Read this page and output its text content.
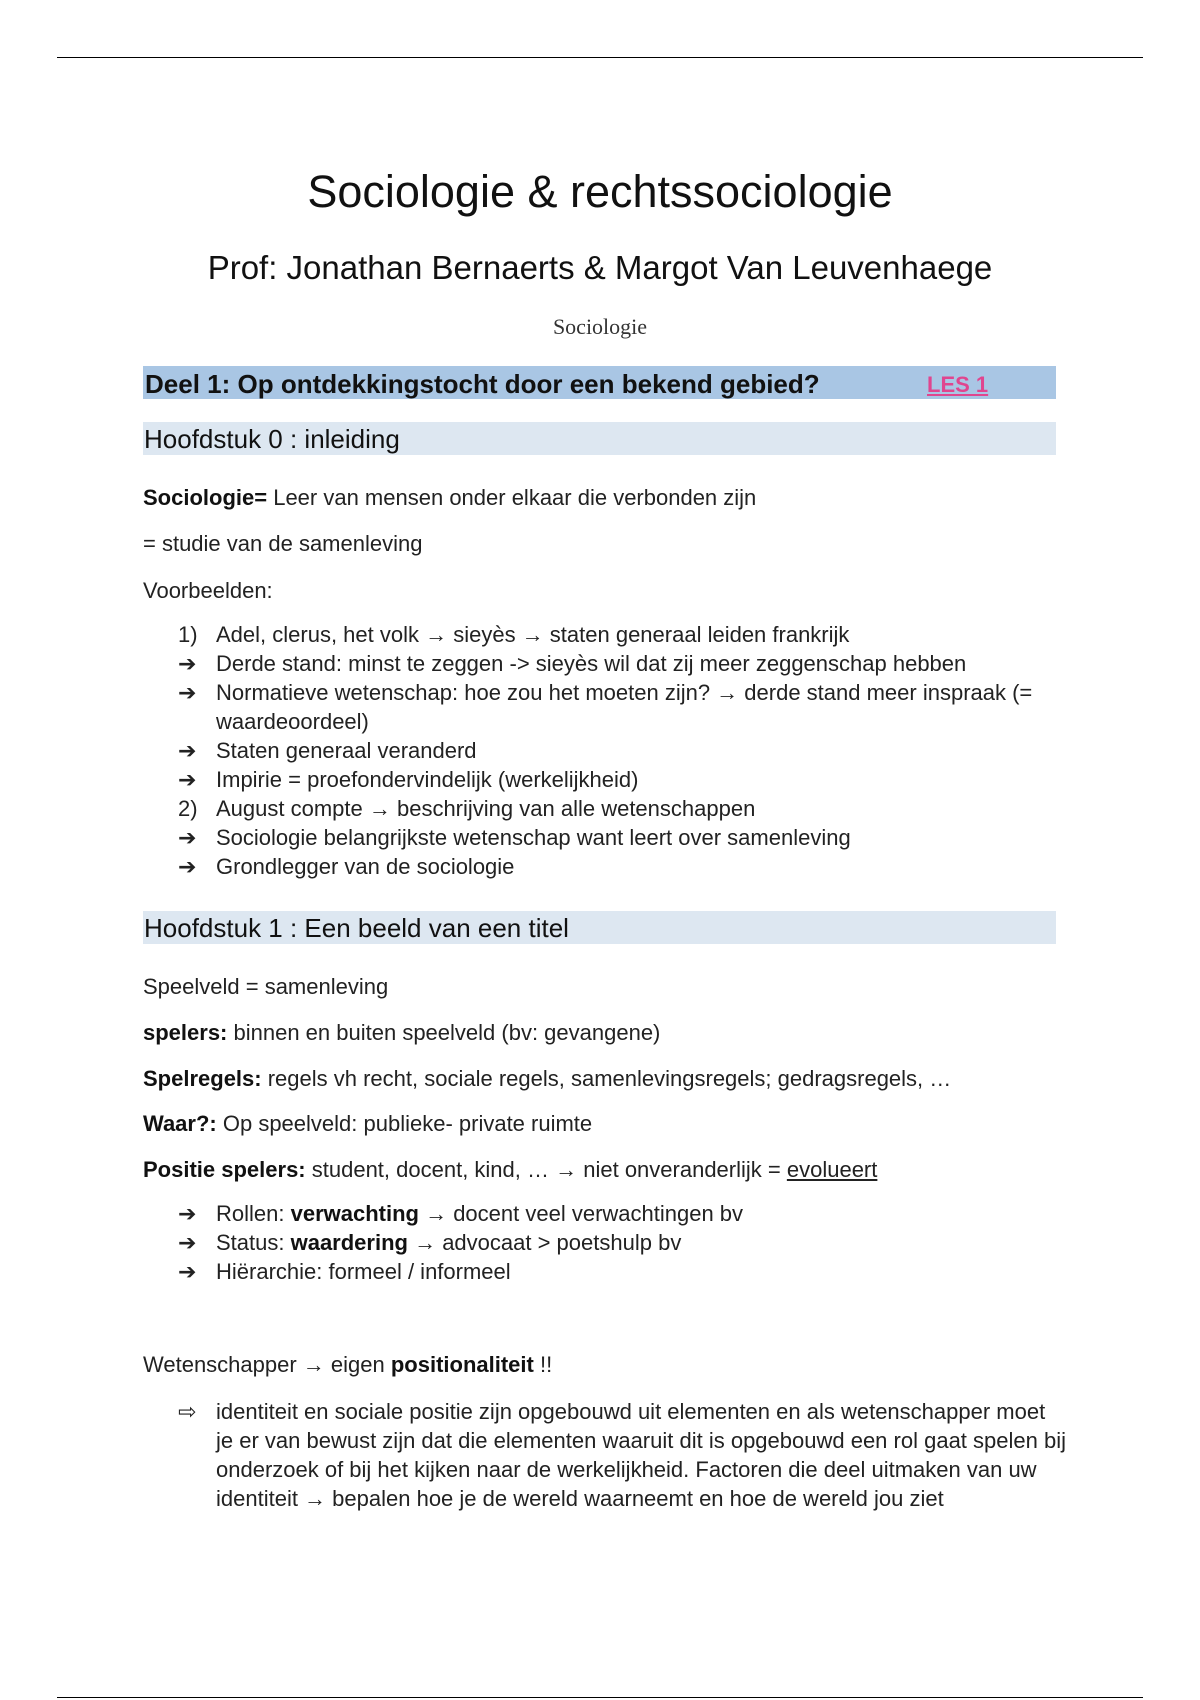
Sociologie & rechtssociologie
Prof: Jonathan Bernaerts & Margot Van Leuvenhaege
Sociologie
Deel 1: Op ontdekkingstocht door een bekend gebied?	LES 1
Hoofdstuk 0 : inleiding
Sociologie= Leer van mensen onder elkaar die verbonden zijn
= studie van de samenleving
Voorbeelden:
1) Adel, clerus, het volk → sieyès → staten generaal leiden frankrijk
➔ Derde stand: minst te zeggen -> sieyès wil dat zij meer zeggenschap hebben
➔ Normatieve wetenschap: hoe zou het moeten zijn? → derde stand meer inspraak (= waardeoordeel)
➔ Staten generaal veranderd
➔ Impirie = proefondervindelijk (werkelijkheid)
2) August compte → beschrijving van alle wetenschappen
➔ Sociologie belangrijkste wetenschap want leert over samenleving
➔ Grondlegger van de sociologie
Hoofdstuk 1 : Een beeld van een titel
Speelveld = samenleving
spelers: binnen en buiten speelveld (bv: gevangene)
Spelregels: regels vh recht, sociale regels, samenlevingsregels; gedragsregels, …
Waar?: Op speelveld: publieke- private ruimte
Positie spelers: student, docent, kind, … → niet onveranderlijk = evolueert
➔ Rollen: verwachting → docent veel verwachtingen bv
➔ Status: waardering → advocaat > poetshulp bv
➔ Hiërarchie: formeel / informeel
Wetenschapper → eigen positionaliteit !!
⇨ identiteit en sociale positie zijn opgebouwd uit elementen en als wetenschapper moet je er van bewust zijn dat die elementen waaruit dit is opgebouwd een rol gaat spelen bij onderzoek of bij het kijken naar de werkelijkheid. Factoren die deel uitmaken van uw identiteit → bepalen hoe je de wereld waarneemt en hoe de wereld jou ziet
